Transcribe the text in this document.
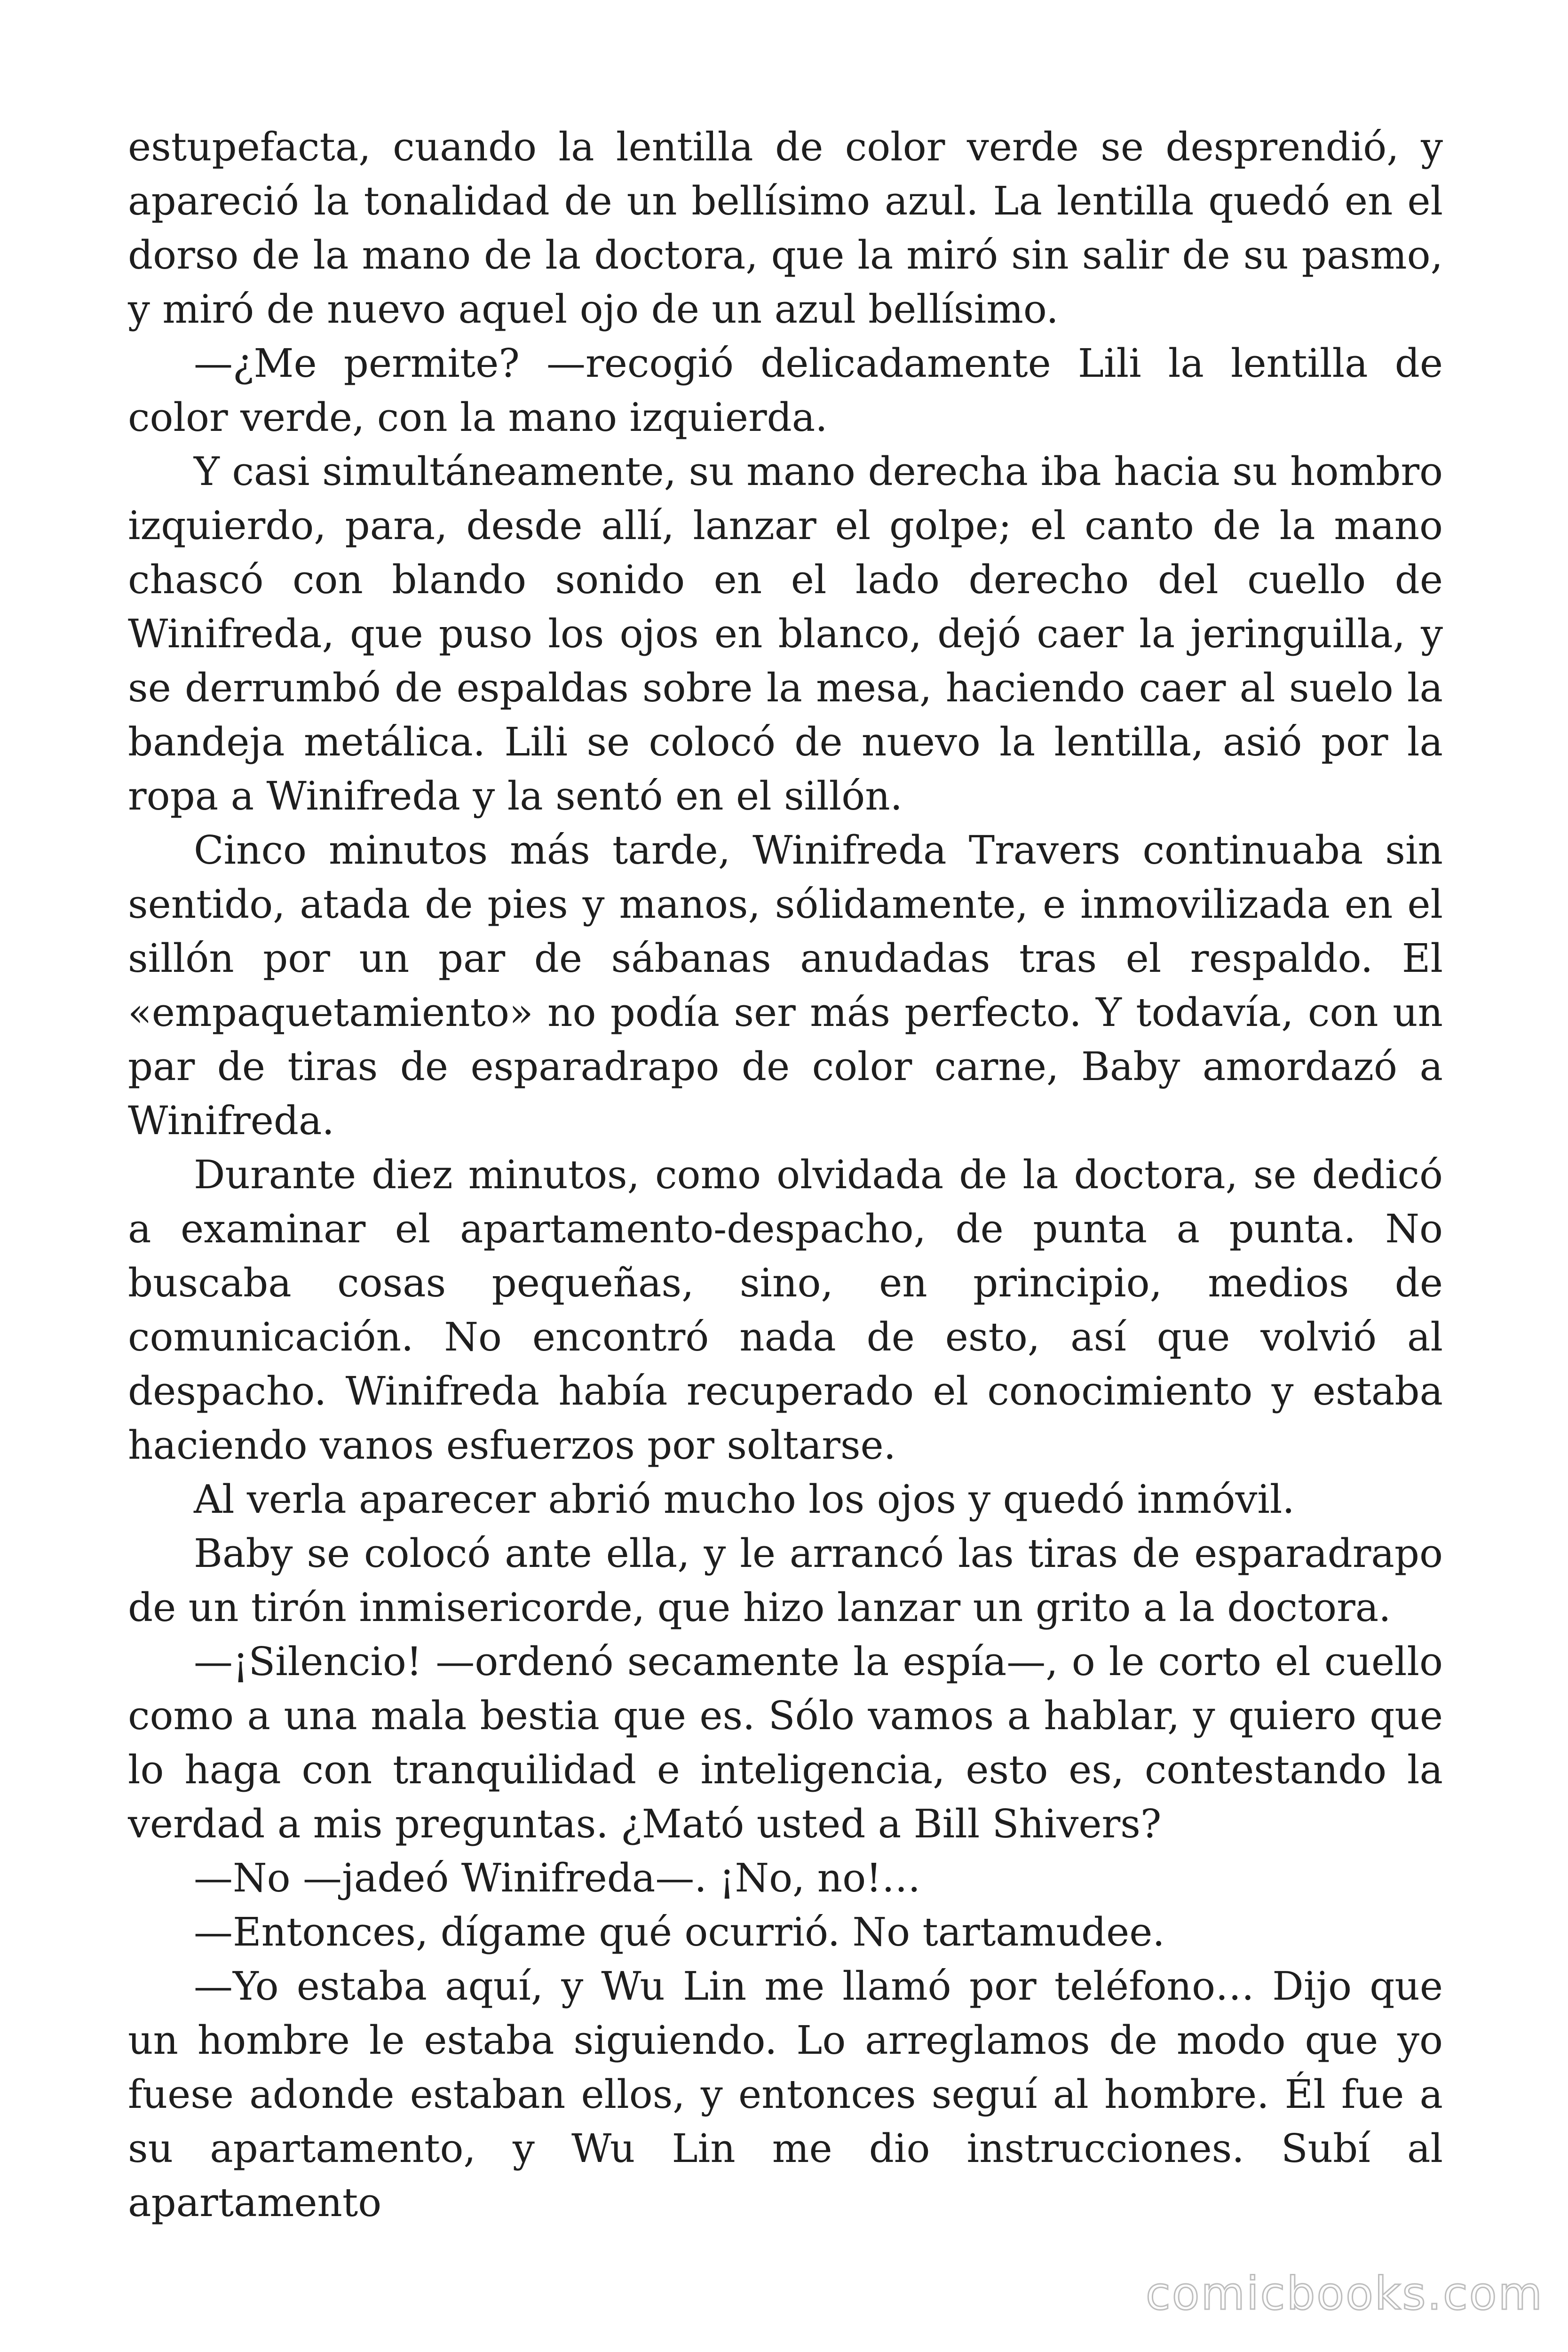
estupefacta, cuando la lentilla de color verde se desprendió, y apareció la tonalidad de un bellísimo azul. La lentilla quedó en el dorso de la mano de la doctora, que la miró sin salir de su pasmo, y miró de nuevo aquel ojo de un azul bellísimo.

—¿Me permite? —recogió delicadamente Lili la lentilla de color verde, con la mano izquierda.

Y casi simultáneamente, su mano derecha iba hacia su hombro izquierdo, para, desde allí, lanzar el golpe; el canto de la mano chascó con blando sonido en el lado derecho del cuello de Winifreda, que puso los ojos en blanco, dejó caer la jeringuilla, y se derrumbó de espaldas sobre la mesa, haciendo caer al suelo la bandeja metálica. Lili se colocó de nuevo la lentilla, asió por la ropa a Winifreda y la sentó en el sillón.

Cinco minutos más tarde, Winifreda Travers continuaba sin sentido, atada de pies y manos, sólidamente, e inmovilizada en el sillón por un par de sábanas anudadas tras el respaldo. El «empaquetamiento» no podía ser más perfecto. Y todavía, con un par de tiras de esparadrapo de color carne, Baby amordazó a Winifreda.

Durante diez minutos, como olvidada de la doctora, se dedicó a examinar el apartamento-despacho, de punta a punta. No buscaba cosas pequeñas, sino, en principio, medios de comunicación. No encontró nada de esto, así que volvió al despacho. Winifreda había recuperado el conocimiento y estaba haciendo vanos esfuerzos por soltarse.

Al verla aparecer abrió mucho los ojos y quedó inmóvil.

Baby se colocó ante ella, y le arrancó las tiras de esparadrapo de un tirón inmisericorde, que hizo lanzar un grito a la doctora.

—¡Silencio! —ordenó secamente la espía—, o le corto el cuello como a una mala bestia que es. Sólo vamos a hablar, y quiero que lo haga con tranquilidad e inteligencia, esto es, contestando la verdad a mis preguntas. ¿Mató usted a Bill Shivers?

—No —jadeó Winifreda—. ¡No, no!…

—Entonces, dígame qué ocurrió. No tartamudee.

—Yo estaba aquí, y Wu Lin me llamó por teléfono… Dijo que un hombre le estaba siguiendo. Lo arreglamos de modo que yo fuese adonde estaban ellos, y entonces seguí al hombre. Él fue a su apartamento, y Wu Lin me dio instrucciones. Subí al apartamento

comicbooks.com
